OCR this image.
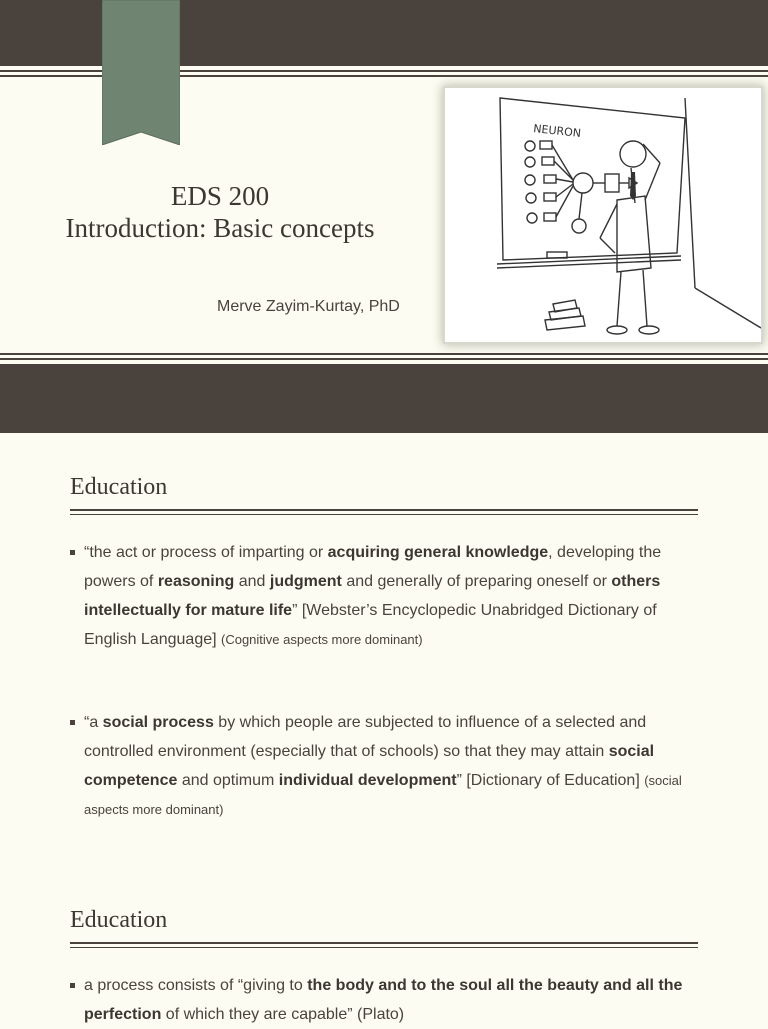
EDS 200
Introduction: Basic concepts
Merve Zayim-Kurtay, PhD
NEURON
Education
“the act or process of imparting or acquiring general knowledge, developing the powers of reasoning and judgment and generally of preparing oneself or others intellectually for mature life” [Webster’s Encyclopedic Unabridged Dictionary of English Language] (Cognitive aspects more dominant)
“a social process by which people are subjected to influence of a selected and controlled environment (especially that of schools) so that they may attain social competence and optimum individual development” [Dictionary of Education] (social aspects more dominant)
Education
a process consists of “giving to the body and to the soul all the beauty and all the perfection of which they are capable” (Plato)
